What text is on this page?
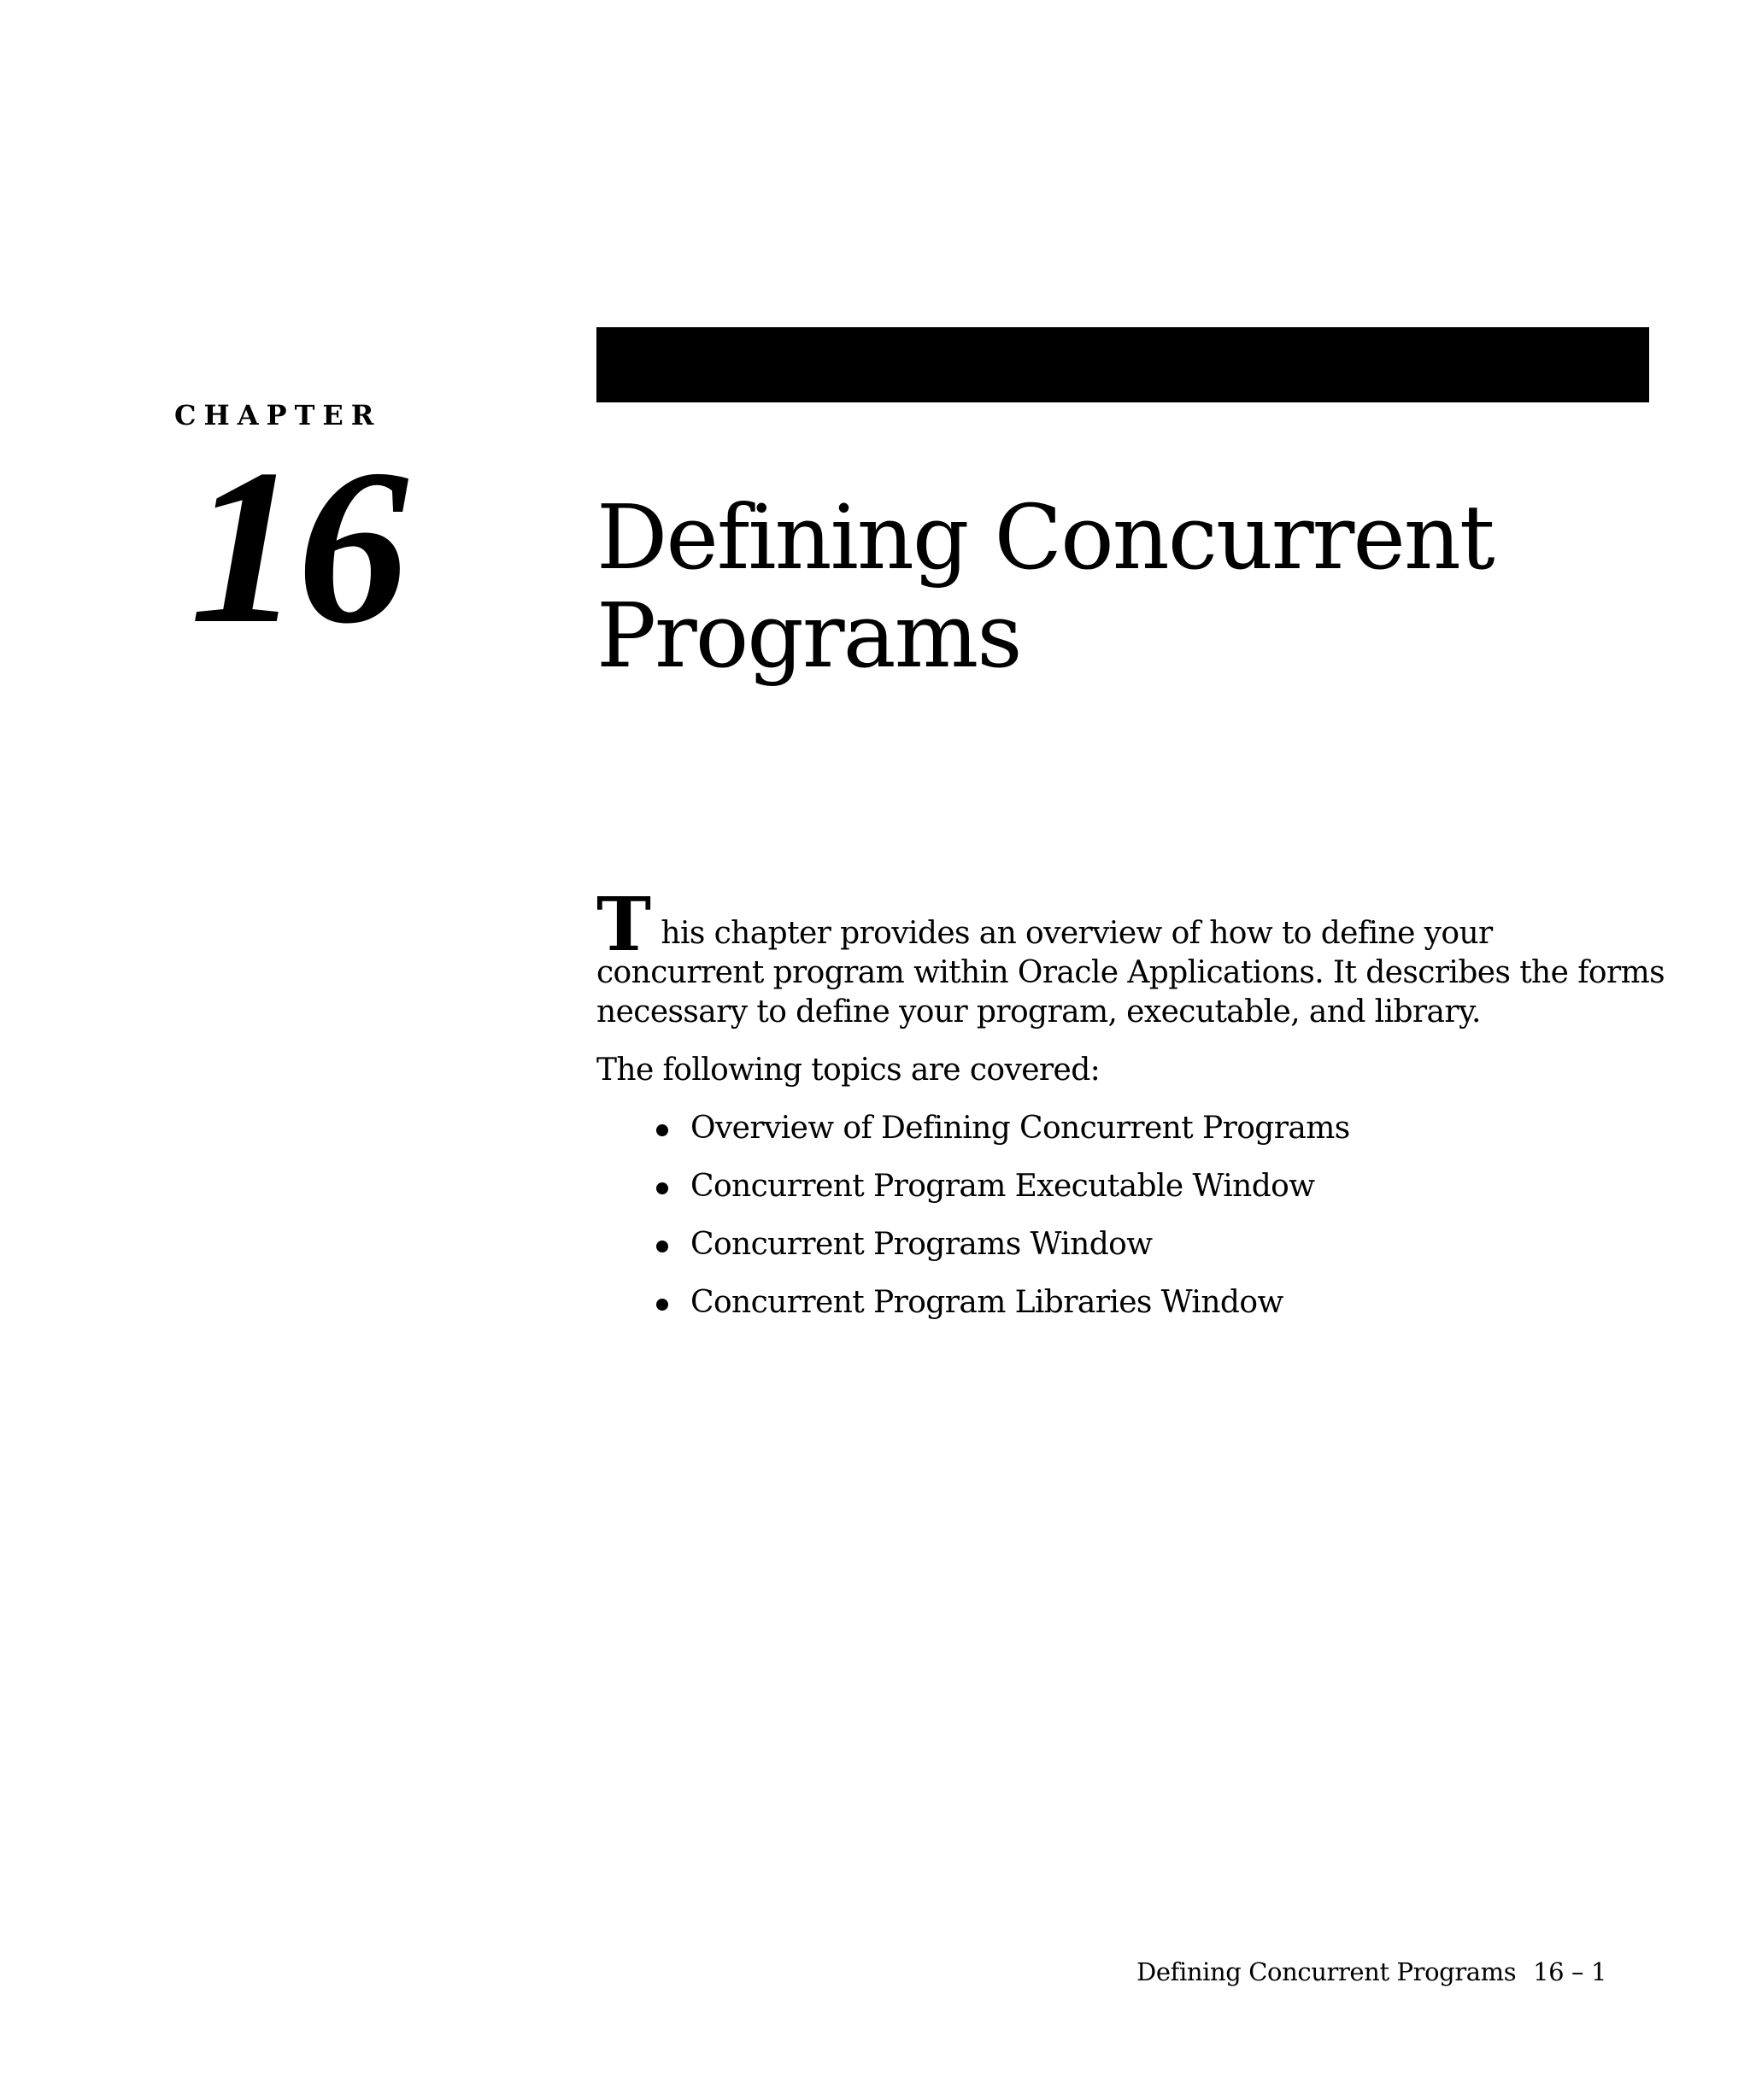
CHAPTER
16 Defining Concurrent
Programs

This chapter provides an overview of how to define your
concurrent program within Oracle Applications. It describes the forms
necessary to define your program, executable, and library.

The following topics are covered:

Overview of Defining Concurrent Programs
Concurrent Program Executable Window
Concurrent Programs Window
Concurrent Program Libraries Window
Defining Concurrent Programs 16 – 1
